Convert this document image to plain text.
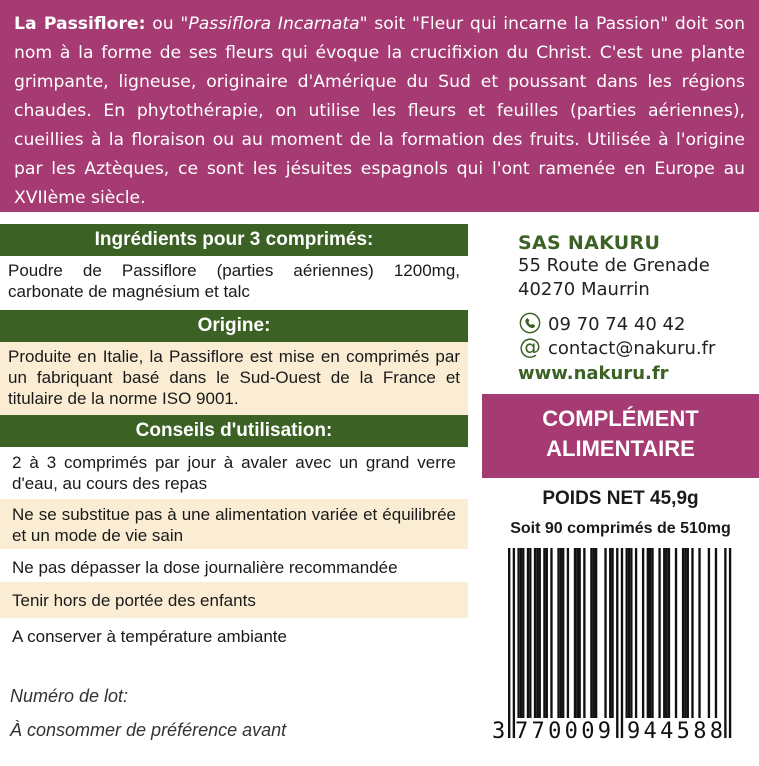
La Passiflore: ou "Passiflora Incarnata" soit "Fleur qui incarne la Passion" doit son nom à la forme de ses fleurs qui évoque la crucifixion du Christ. C'est une plante grimpante, ligneuse, originaire d'Amérique du Sud et poussant dans les régions chaudes. En phytothérapie, on utilise les fleurs et feuilles (parties aériennes), cueillies à la floraison ou au moment de la formation des fruits. Utilisée à l'origine par les Aztèques, ce sont les jésuites espagnols qui l'ont ramenée en Europe au XVIIème siècle.
Ingrédients pour 3 comprimés:
Poudre de Passiflore (parties aériennes) 1200mg, carbonate de magnésium et talc
Origine:
Produite en Italie, la Passiflore est mise en comprimés par un fabriquant basé dans le Sud-Ouest de la France et titulaire de la norme ISO 9001.
Conseils d'utilisation:
2 à 3 comprimés par jour à avaler avec un grand verre d'eau, au cours des repas
Ne se substitue pas à une alimentation variée et équilibrée et un mode de vie sain
Ne pas dépasser la dose journalière recommandée
Tenir hors de portée des enfants
A conserver à température ambiante
Numéro de lot:
À consommer de préférence avant
SAS NAKURU
55 Route de Grenade
40270 Maurrin
09 70 74 40 42
@ contact@nakuru.fr
www.nakuru.fr
COMPLÉMENT
ALIMENTAIRE
POIDS NET 45,9g
Soit 90 comprimés de 510mg
3 770009 944588
